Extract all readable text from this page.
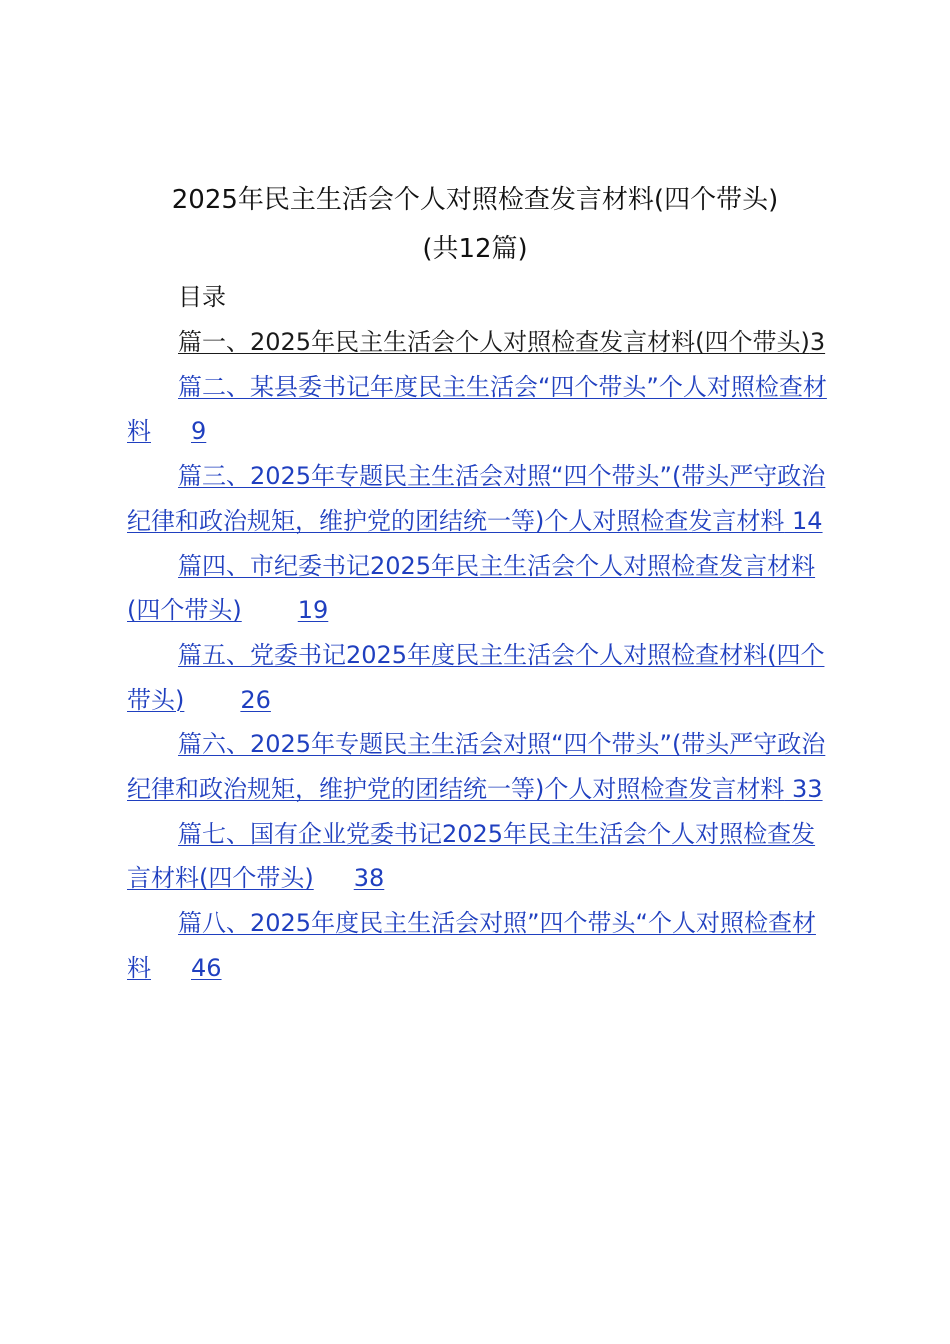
2025年民主生活会个人对照检查发言材料(四个带头)
(共12篇)
目录
篇一、2025年民主生活会个人对照检查发言材料(四个带头)3
篇二、某县委书记年度民主生活会“四个带头”个人对照检查材料 9
篇三、2025年专题民主生活会对照“四个带头”(带头严守政治纪律和政治规矩，维护党的团结统一等)个人对照检查发言材料 14
篇四、市纪委书记2025年民主生活会个人对照检查发言材料(四个带头) 19
篇五、党委书记2025年度民主生活会个人对照检查材料(四个带头) 26
篇六、2025年专题民主生活会对照“四个带头”(带头严守政治纪律和政治规矩，维护党的团结统一等)个人对照检查发言材料 33
篇七、国有企业党委书记2025年民主生活会个人对照检查发言材料(四个带头) 38
篇八、2025年度民主生活会对照”四个带头“个人对照检查材料 46
